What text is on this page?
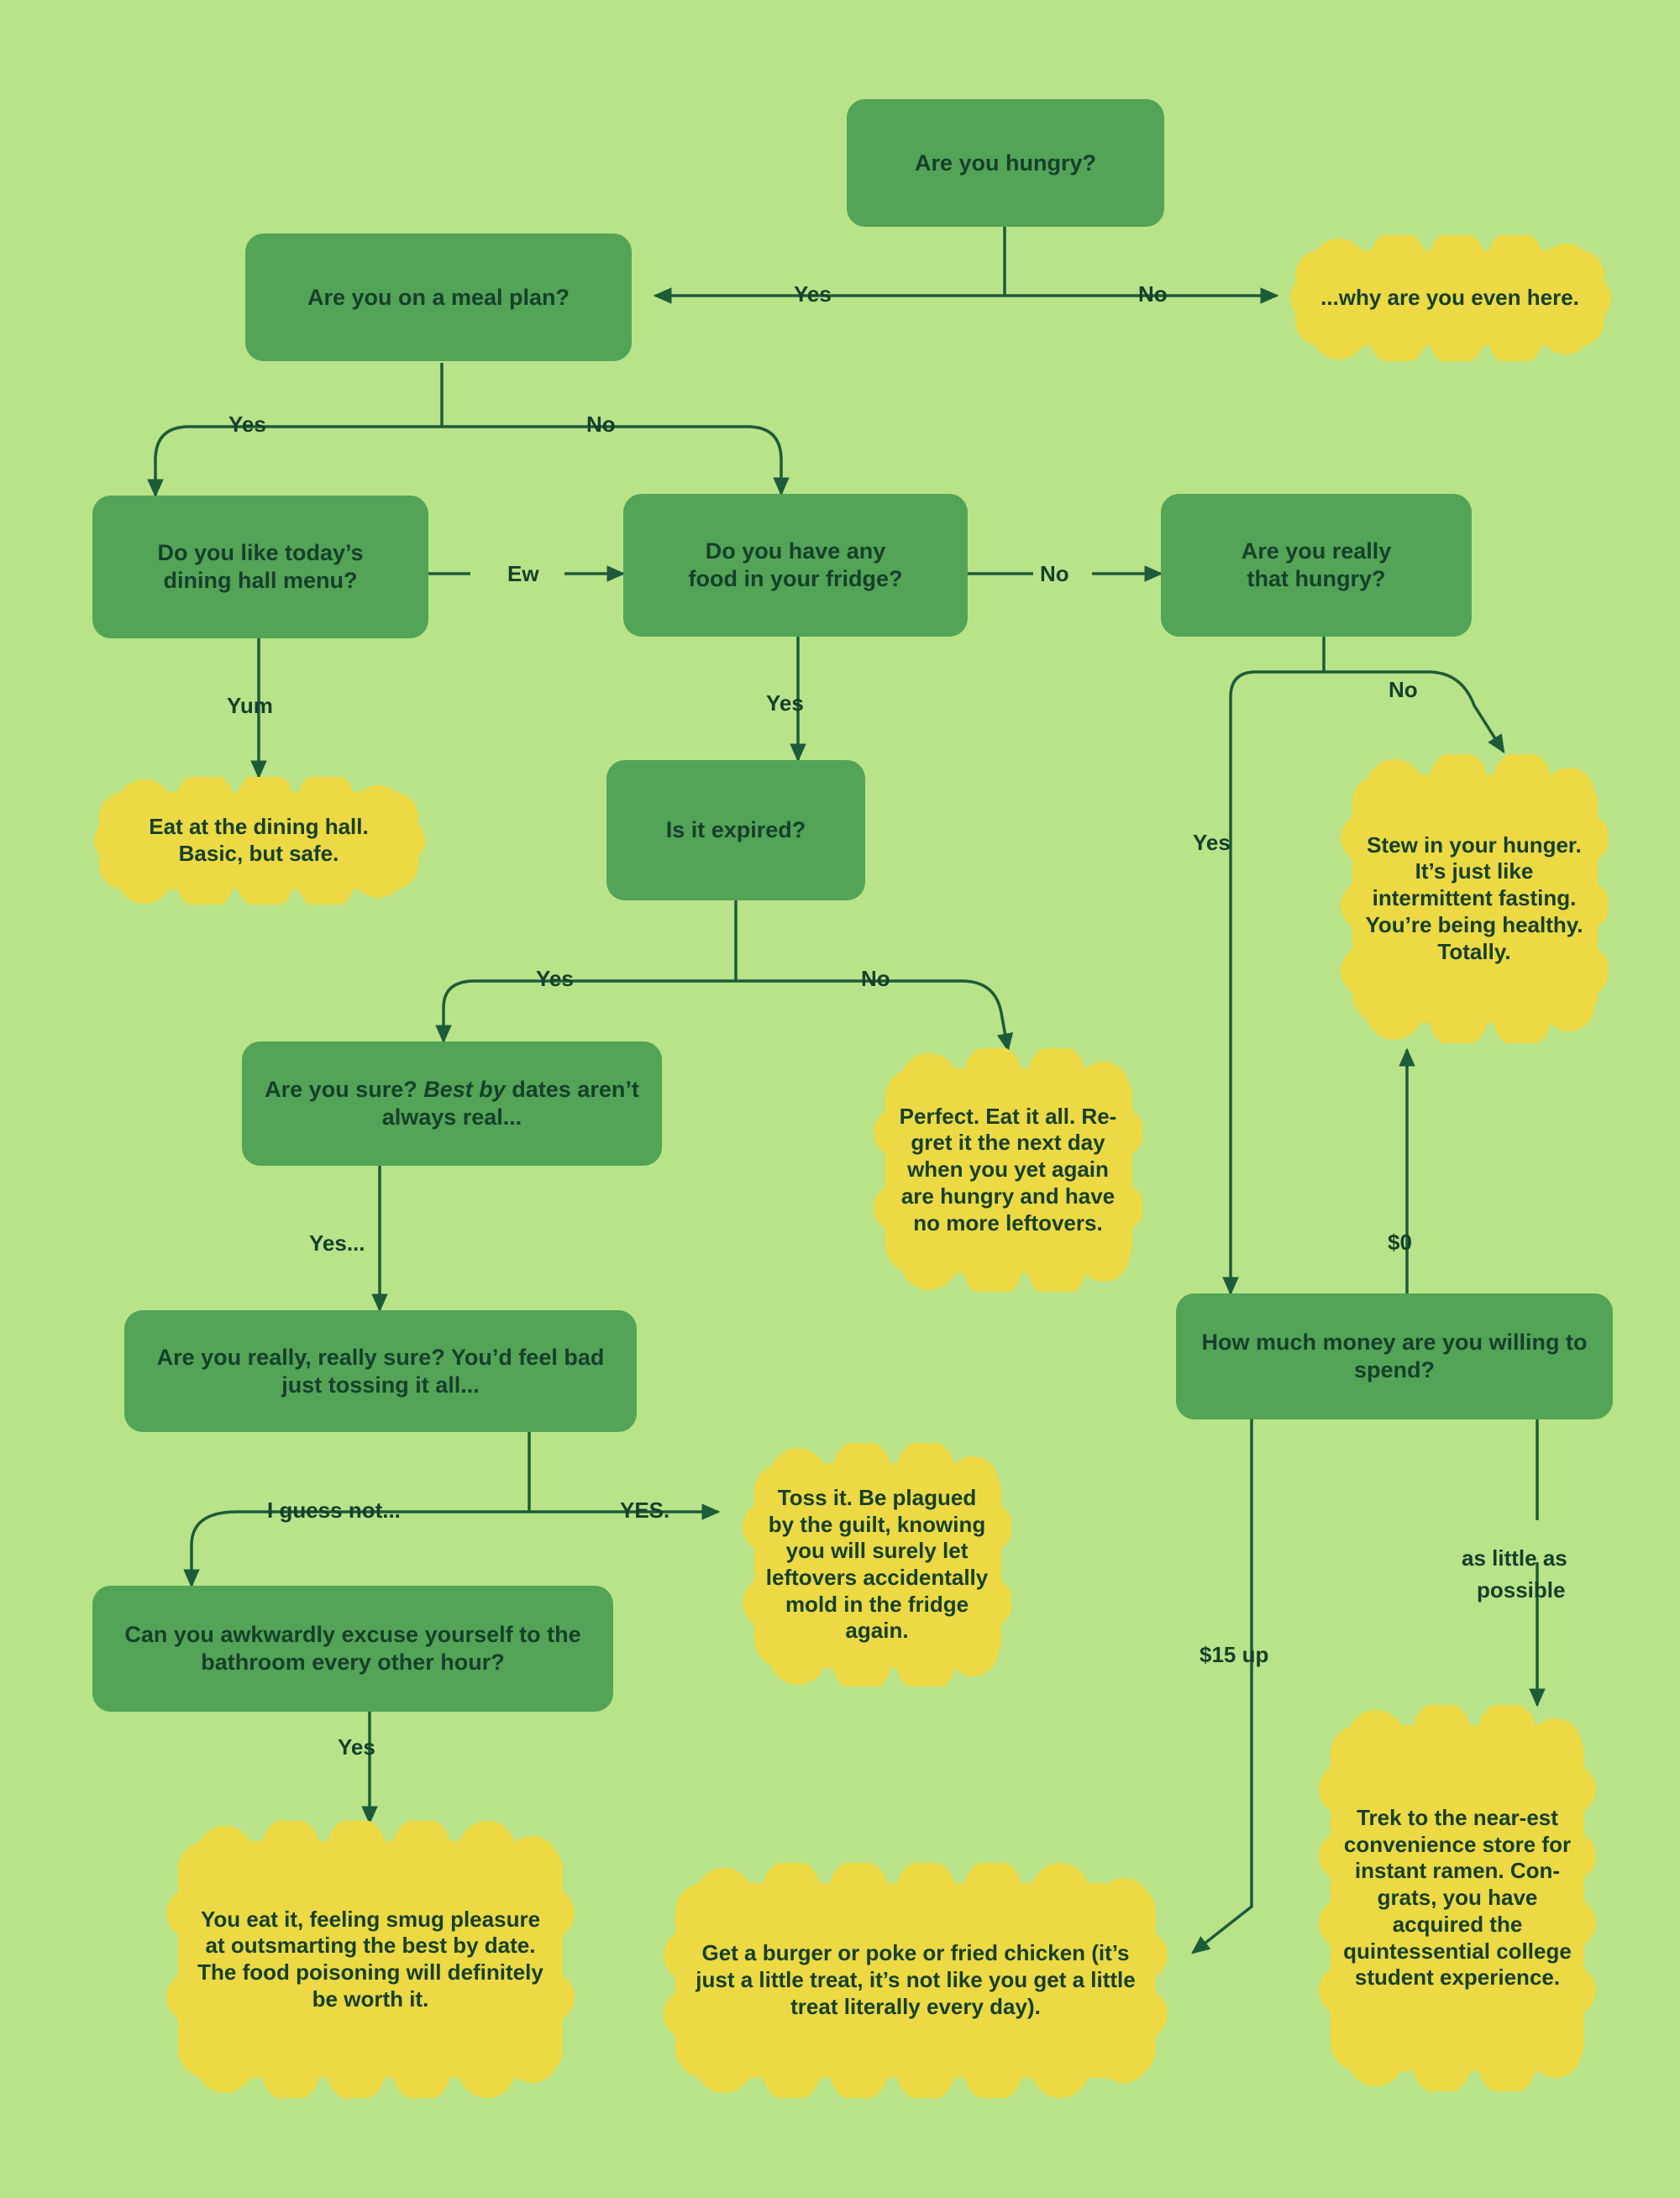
Are you hungry?
Are you on a meal plan?	...why are you even here.
Do you like today’s
dining hall menu?
Do you have any
food in your fridge?
Are you really
that hungry?
Eat at the dining hall. Basic, but safe.
Is it expired?
Stew in your hunger. It’s just like intermittent fasting. You’re being healthy. Totally.
Are you sure? Best by dates aren’t always real...	Perfect. Eat it all. Re-gret it the next day when you yet again are hungry and have no more leftovers.
Are you really, really sure? You’d feel bad just tossing it all...
How much money are you willing to spend?
Toss it. Be plagued by the guilt, knowing you will surely let leftovers accidentally mold in the fridge again.
Can you awkwardly excuse yourself to the bathroom every other hour?
Trek to the near-est convenience store for instant ramen. Con-grats, you have acquired the quintessential college student experience.
You eat it, feeling smug pleasure at outsmarting the best by date. The food poisoning will definitely be worth it.
Get a burger or poke or fried chicken (it’s just a little treat, it’s not like you get a little treat literally every day).
Yes	No
Yes	No
Ew
Yum
No
Yes
No
Yes
Yes	No
Yes...
I guess not...	YES.
$0
$15 up
as little as
possible
Yes
